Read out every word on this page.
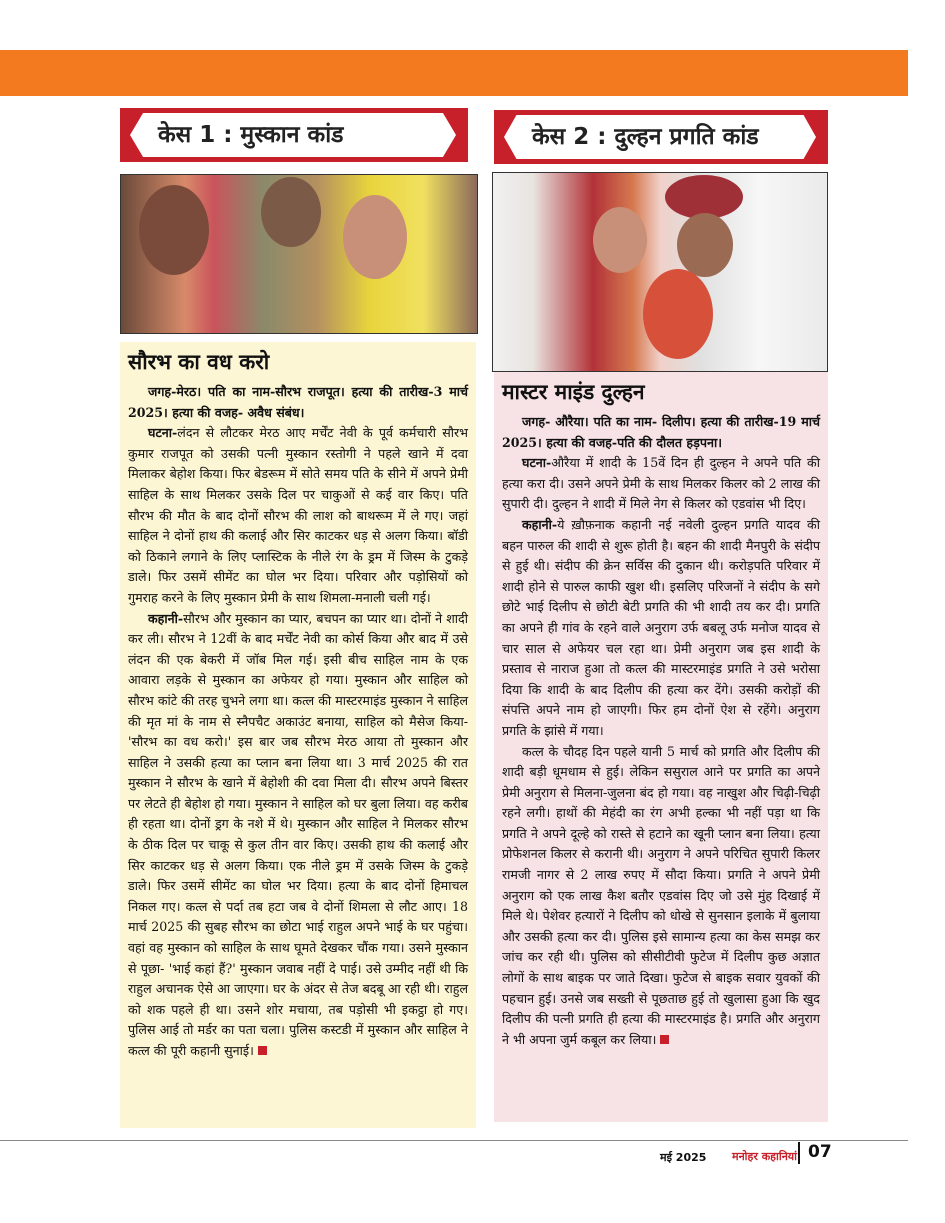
केस 1 : मुस्कान कांड	केस 2 : दुल्हन प्रगति कांड
सौरभ का वध करो

जगह-मेरठ। पति का नाम-सौरभ राजपूत। हत्या की तारीख-3 मार्च 2025। हत्या की वजह- अवैध संबंध।

घटना-लंदन से लौटकर मेरठ आए मर्चेंट नेवी के पूर्व कर्मचारी सौरभ कुमार राजपूत को उसकी पत्नी मुस्कान रस्तोगी ने पहले खाने में दवा मिलाकर बेहोश किया। फिर बेडरूम में सोते समय पति के सीने में अपने प्रेमी साहिल के साथ मिलकर उसके दिल पर चाकुओं से कई वार किए। पति सौरभ की मौत के बाद दोनों सौरभ की लाश को बाथरूम में ले गए। जहां साहिल ने दोनों हाथ की कलाई और सिर काटकर धड़ से अलग किया। बॉडी को ठिकाने लगाने के लिए प्लास्टिक के नीले रंग के ड्रम में जिस्म के टुकड़े डाले। फिर उसमें सीमेंट का घोल भर दिया। परिवार और पड़ोसियों को गुमराह करने के लिए मुस्कान प्रेमी के साथ शिमला-मनाली चली गई।

कहानी-सौरभ और मुस्कान का प्यार, बचपन का प्यार था। दोनों ने शादी कर ली। सौरभ ने 12वीं के बाद मर्चेंट नेवी का कोर्स किया और बाद में उसे लंदन की एक बेकरी में जॉब मिल गई। इसी बीच साहिल नाम के एक आवारा लड़के से मुस्कान का अफेयर हो गया। मुस्कान और साहिल को सौरभ कांटे की तरह चुभने लगा था। कत्ल की मास्टरमाइंड मुस्कान ने साहिल की मृत मां के नाम से स्नैपचैट अकाउंट बनाया, साहिल को मैसेज किया- 'सौरभ का वध करो।' इस बार जब सौरभ मेरठ आया तो मुस्कान और साहिल ने उसकी हत्या का प्लान बना लिया था। 3 मार्च 2025 की रात मुस्कान ने सौरभ के खाने में बेहोशी की दवा मिला दी। सौरभ अपने बिस्तर पर लेटते ही बेहोश हो गया। मुस्कान ने साहिल को घर बुला लिया। वह करीब ही रहता था। दोनों ड्रग के नशे में थे। मुस्कान और साहिल ने मिलकर सौरभ के ठीक दिल पर चाकू से कुल तीन वार किए। उसकी हाथ की कलाई और सिर काटकर धड़ से अलग किया। एक नीले ड्रम में उसके जिस्म के टुकड़े डाले। फिर उसमें सीमेंट का घोल भर दिया। हत्या के बाद दोनों हिमाचल निकल गए। कत्ल से पर्दा तब हटा जब वे दोनों शिमला से लौट आए। 18 मार्च 2025 की सुबह सौरभ का छोटा भाई राहुल अपने भाई के घर पहुंचा। वहां वह मुस्कान को साहिल के साथ घूमते देखकर चौंक गया। उसने मुस्कान से पूछा- 'भाई कहां हैं?' मुस्कान जवाब नहीं दे पाई। उसे उम्मीद नहीं थी कि राहुल अचानक ऐसे आ जाएगा। घर के अंदर से तेज बदबू आ रही थी। राहुल को शक पहले ही था। उसने शोर मचाया, तब पड़ोसी भी इकट्ठा हो गए। पुलिस आई तो मर्डर का पता चला। पुलिस कस्टडी में मुस्कान और साहिल ने कत्ल की पूरी कहानी सुनाई।

मास्टर माइंड दुल्हन

जगह- औरैया। पति का नाम- दिलीप। हत्या की तारीख-19 मार्च 2025। हत्या की वजह-पति की दौलत हड़पना।

घटना-औरैया में शादी के 15वें दिन ही दुल्हन ने अपने पति की हत्या करा दी। उसने अपने प्रेमी के साथ मिलकर किलर को 2 लाख की सुपारी दी। दुल्हन ने शादी में मिले नेग से किलर को एडवांस भी दिए।

कहानी-ये ख़ौफ़नाक कहानी नई नवेली दुल्हन प्रगति यादव की बहन पारुल की शादी से शुरू होती है। बहन की शादी मैनपुरी के संदीप से हुई थी। संदीप की क्रेन सर्विस की दुकान थी। करोड़पति परिवार में शादी होने से पारुल काफी खुश थी। इसलिए परिजनों ने संदीप के सगे छोटे भाई दिलीप से छोटी बेटी प्रगति की भी शादी तय कर दी। प्रगति का अपने ही गांव के रहने वाले अनुराग उर्फ बबलू उर्फ मनोज यादव से चार साल से अफेयर चल रहा था। प्रेमी अनुराग जब इस शादी के प्रस्ताव से नाराज हुआ तो कत्ल की मास्टरमाइंड प्रगति ने उसे भरोसा दिया कि शादी के बाद दिलीप की हत्या कर देंगे। उसकी करोड़ों की संपत्ति अपने नाम हो जाएगी। फिर हम दोनों ऐश से रहेंगे। अनुराग प्रगति के झांसे में गया।

कत्ल के चौदह दिन पहले यानी 5 मार्च को प्रगति और दिलीप की शादी बड़ी धूमधाम से हुई। लेकिन ससुराल आने पर प्रगति का अपने प्रेमी अनुराग से मिलना-जुलना बंद हो गया। वह नाखुश और चिढ़ी-चिढ़ी रहने लगी। हाथों की मेहंदी का रंग अभी हल्का भी नहीं पड़ा था कि प्रगति ने अपने दूल्हे को रास्ते से हटाने का खूनी प्लान बना लिया। हत्या प्रोफेशनल किलर से करानी थी। अनुराग ने अपने परिचित सुपारी किलर रामजी नागर से 2 लाख रुपए में सौदा किया। प्रगति ने अपने प्रेमी अनुराग को एक लाख कैश बतौर एडवांस दिए जो उसे मुंह दिखाई में मिले थे। पेशेवर हत्यारों ने दिलीप को धोखे से सुनसान इलाके में बुलाया और उसकी हत्या कर दी। पुलिस इसे सामान्य हत्या का केस समझ कर जांच कर रही थी। पुलिस को सीसीटीवी फुटेज में दिलीप कुछ अज्ञात लोगों के साथ बाइक पर जाते दिखा। फुटेज से बाइक सवार युवकों की पहचान हुई। उनसे जब सख्ती से पूछताछ हुई तो खुलासा हुआ कि खुद दिलीप की पत्नी प्रगति ही हत्या की मास्टरमाइंड है। प्रगति और अनुराग ने भी अपना जुर्म कबूल कर लिया।

मई 2025 मनोहर कहानियां 07
